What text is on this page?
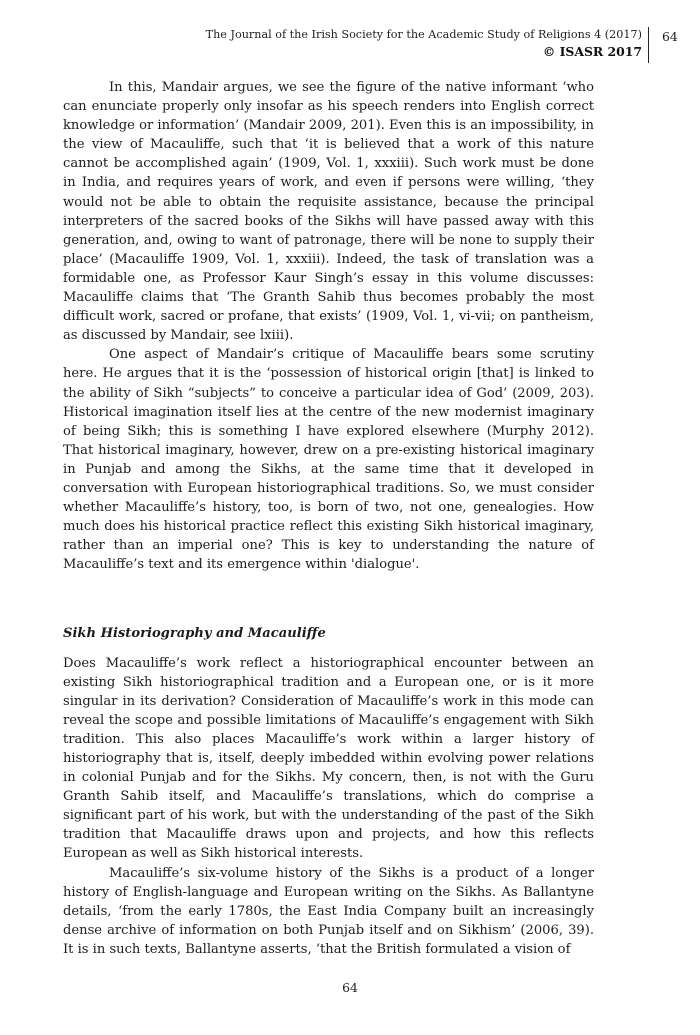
The Journal of the Irish Society for the Academic Study of Religions 4 (2017)
© ISASR 2017
64

In this, Mandair argues, we see the figure of the native informant ‘who can enunciate properly only insofar as his speech renders into English correct knowledge or information’ (Mandair 2009, 201). Even this is an impossibility, in the view of Macauliffe, such that ‘it is believed that a work of this nature cannot be accomplished again’ (1909, Vol. 1, xxxiii). Such work must be done in India, and requires years of work, and even if persons were willing, ‘they would not be able to obtain the requisite assistance, because the principal interpreters of the sacred books of the Sikhs will have passed away with this generation, and, owing to want of patronage, there will be none to supply their place’ (Macauliffe 1909, Vol. 1, xxxiii). Indeed, the task of translation was a formidable one, as Professor Kaur Singh’s essay in this volume discusses: Macauliffe claims that ‘The Granth Sahib thus becomes probably the most difficult work, sacred or profane, that exists’ (1909, Vol. 1, vi-vii; on pantheism, as discussed by Mandair, see lxiii).

One aspect of Mandair’s critique of Macauliffe bears some scrutiny here. He argues that it is the ‘possession of historical origin [that] is linked to the ability of Sikh “subjects” to conceive a particular idea of God’ (2009, 203). Historical imagination itself lies at the centre of the new modernist imaginary of being Sikh; this is something I have explored elsewhere (Murphy 2012). That historical imaginary, however, drew on a pre-existing historical imaginary in Punjab and among the Sikhs, at the same time that it developed in conversation with European historiographical traditions. So, we must consider whether Macauliffe’s history, too, is born of two, not one, genealogies. How much does his historical practice reflect this existing Sikh historical imaginary, rather than an imperial one? This is key to understanding the nature of Macauliffe’s text and its emergence within 'dialogue'.

Sikh Historiography and Macauliffe

Does Macauliffe’s work reflect a historiographical encounter between an existing Sikh historiographical tradition and a European one, or is it more singular in its derivation? Consideration of Macauliffe’s work in this mode can reveal the scope and possible limitations of Macauliffe’s engagement with Sikh tradition. This also places Macauliffe’s work within a larger history of historiography that is, itself, deeply imbedded within evolving power relations in colonial Punjab and for the Sikhs. My concern, then, is not with the Guru Granth Sahib itself, and Macauliffe’s translations, which do comprise a significant part of his work, but with the understanding of the past of the Sikh tradition that Macauliffe draws upon and projects, and how this reflects European as well as Sikh historical interests.

Macauliffe’s six-volume history of the Sikhs is a product of a longer history of English-language and European writing on the Sikhs. As Ballantyne details, ‘from the early 1780s, the East India Company built an increasingly dense archive of information on both Punjab itself and on Sikhism’ (2006, 39). It is in such texts, Ballantyne asserts, ‘that the British formulated a vision of

64
